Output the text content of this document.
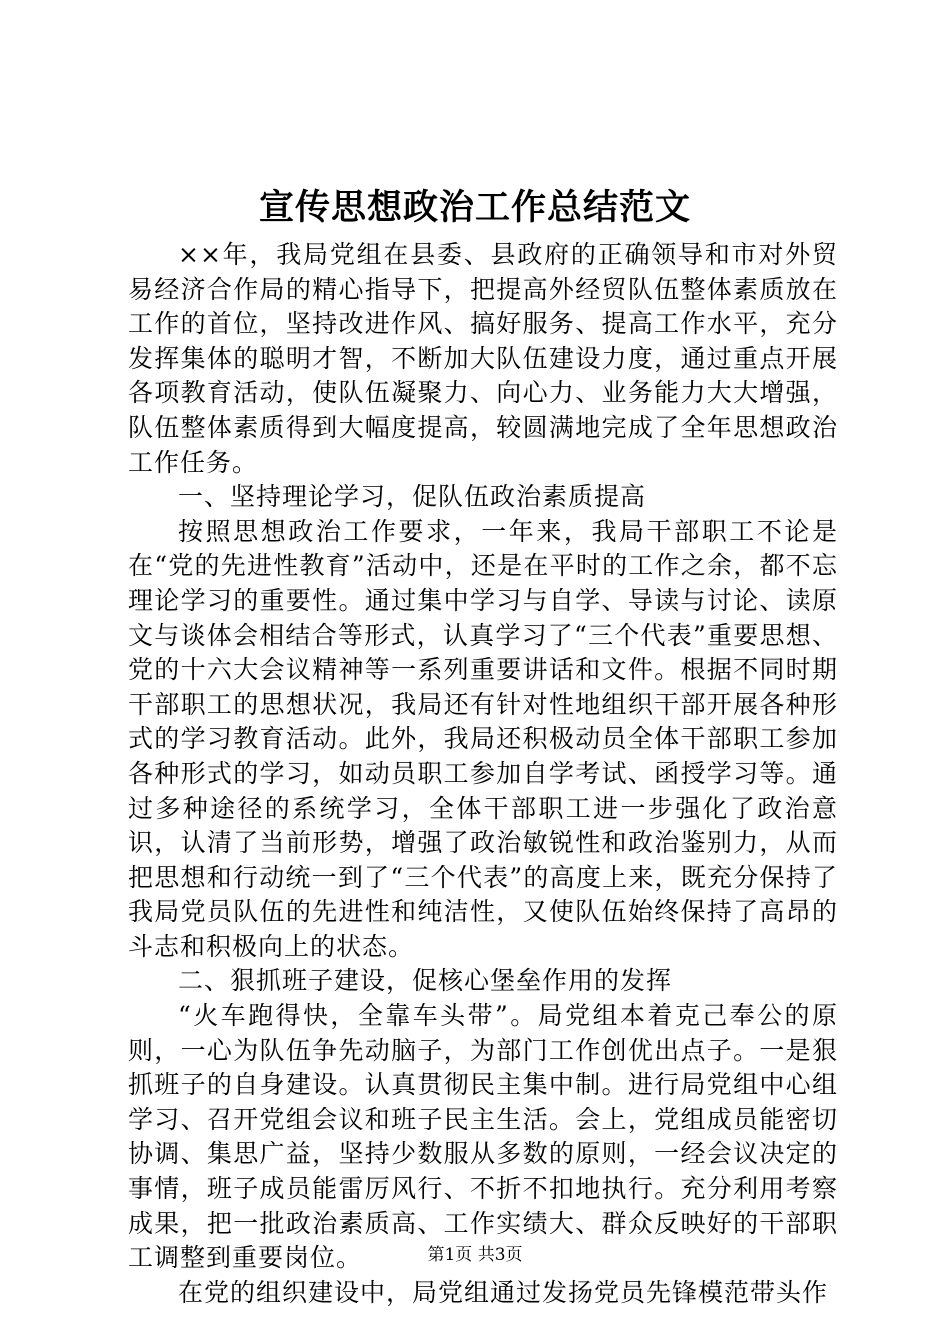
宣传思想政治工作总结范文

××年，我局党组在县委、县政府的正确领导和市对外贸易经济合作局的精心指导下，把提高外经贸队伍整体素质放在工作的首位，坚持改进作风、搞好服务、提高工作水平，充分发挥集体的聪明才智，不断加大队伍建设力度，通过重点开展各项教育活动，使队伍凝聚力、向心力、业务能力大大增强，队伍整体素质得到大幅度提高，较圆满地完成了全年思想政治工作任务。

一、坚持理论学习，促队伍政治素质提高

按照思想政治工作要求，一年来，我局干部职工不论是在“党的先进性教育”活动中，还是在平时的工作之余，都不忘理论学习的重要性。通过集中学习与自学、导读与讨论、读原文与谈体会相结合等形式，认真学习了“三个代表”重要思想、党的十六大会议精神等一系列重要讲话和文件。根据不同时期干部职工的思想状况，我局还有针对性地组织干部开展各种形式的学习教育活动。此外，我局还积极动员全体干部职工参加各种形式的学习，如动员职工参加自学考试、函授学习等。通过多种途径的系统学习，全体干部职工进一步强化了政治意识，认清了当前形势，增强了政治敏锐性和政治鉴别力，从而把思想和行动统一到了“三个代表”的高度上来，既充分保持了我局党员队伍的先进性和纯洁性，又使队伍始终保持了高昂的斗志和积极向上的状态。

二、狠抓班子建设，促核心堡垒作用的发挥

“火车跑得快，全靠车头带”。局党组本着克己奉公的原则，一心为队伍争先动脑子，为部门工作创优出点子。一是狠抓班子的自身建设。认真贯彻民主集中制。进行局党组中心组学习、召开党组会议和班子民主生活。会上，党组成员能密切协调、集思广益，坚持少数服从多数的原则，一经会议决定的事情，班子成员能雷厉风行、不折不扣地执行。充分利用考察成果，把一批政治素质高、工作实绩大、群众反映好的干部职工调整到重要岗位。

在党的组织建设中，局党组通过发扬党员先锋模范带头作

第1页 共3页
